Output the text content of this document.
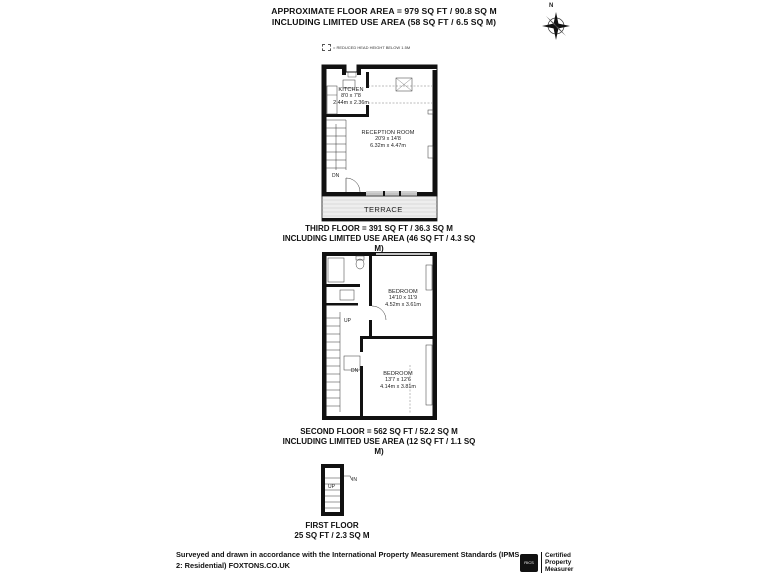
APPROXIMATE FLOOR AREA = 979 SQ FT / 90.8 SQ M
INCLUDING LIMITED USE AREA (58 SQ FT / 6.5 SQ M)
= REDUCED HEAD HEIGHT BELOW 1.5M
N
KITCHEN
8'0 x 7'8
2.44m x 2.36m
RECEPTION ROOM
20'9 x 14'8
6.32m x 4.47m
DN
TERRACE
THIRD FLOOR = 391 SQ FT / 36.3 SQ M
INCLUDING LIMITED USE AREA (46 SQ FT / 4.3 SQ M)
BEDROOM
14'10 x 11'9
4.52m x 3.61m
BEDROOM
13'7 x 12'6
4.14m x 3.81m
UP
DN
SECOND FLOOR = 562 SQ FT / 52.2 SQ M
INCLUDING LIMITED USE AREA (12 SQ FT / 1.1 SQ M)
UP
IN
FIRST FLOOR
25 SQ FT / 2.3 SQ M
Surveyed and drawn in accordance with the International Property Measurement Standards (IPMS 2: Residential) FOXTONS.CO.UK	RICS
Certified
Property
Measurer
